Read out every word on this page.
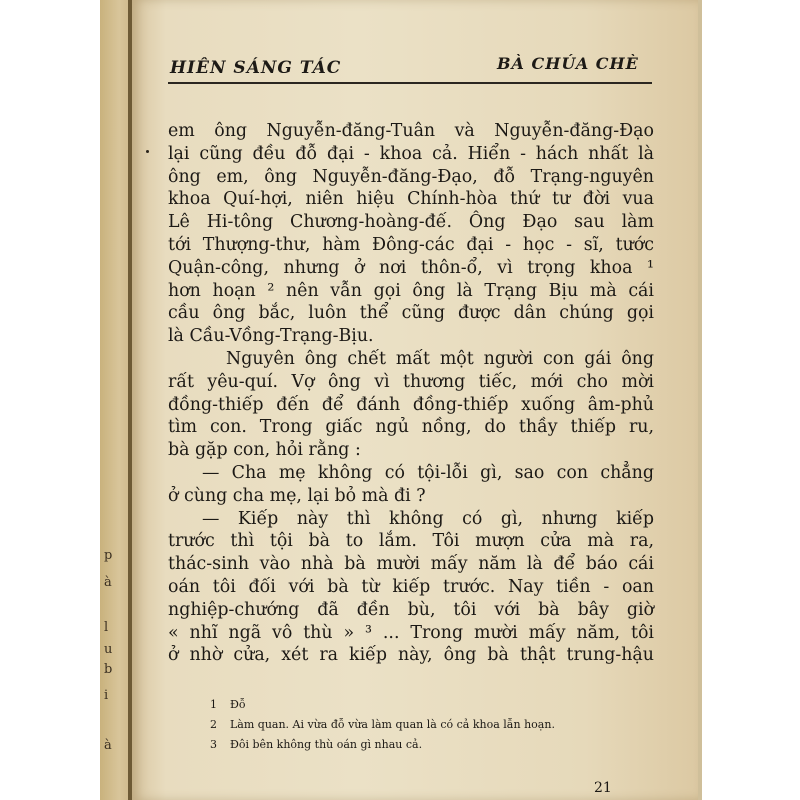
p
à
l
u
b
i
à
HIÊN SÁNG TÁC	BÀ CHÚA CHÈ
em ông Nguyễn-đăng-Tuân và Nguyễn-đăng-Đạo
lại cũng đều đỗ đại - khoa cả. Hiển - hách nhất là
ông em, ông Nguyễn-đăng-Đạo, đỗ Trạng-nguyên
khoa Quí-hợi, niên hiệu Chính-hòa thứ tư đời vua
Lê Hi-tông Chương-hoàng-đế. Ông Đạo sau làm
tới Thượng-thư, hàm Đông-các đại - học - sĩ, tước
Quận-công, nhưng ở nơi thôn-ổ, vì trọng khoa ¹
hơn hoạn ² nên vẫn gọi ông là Trạng Bịu mà cái
cầu ông bắc, luôn thể cũng được dân chúng gọi
là Cầu-Vồng-Trạng-Bịu.
Nguyên ông chết mất một người con gái ông
rất yêu-quí. Vợ ông vì thương tiếc, mới cho mời
đồng-thiếp đến để đánh đồng-thiếp xuống âm-phủ
tìm con. Trong giấc ngủ nồng, do thầy thiếp ru,
bà gặp con, hỏi rằng :
— Cha mẹ không có tội-lỗi gì, sao con chẳng
ở cùng cha mẹ, lại bỏ mà đi ?
— Kiếp này thì không có gì, nhưng kiếp
trước thì tội bà to lắm. Tôi mượn cửa mà ra,
thác-sinh vào nhà bà mười mấy năm là để báo cái
oán tôi đối với bà từ kiếp trước. Nay tiền - oan
nghiệp-chướng đã đền bù, tôi với bà bây giờ
« nhĩ ngã vô thù » ³ ... Trong mười mấy năm, tôi
ở nhờ cửa, xét ra kiếp này, ông bà thật trung-hậu
1 Đỗ
2 Làm quan. Ai vừa đỗ vừa làm quan là có cả khoa lẫn hoạn.
3 Đôi bên không thù oán gì nhau cả.
21
